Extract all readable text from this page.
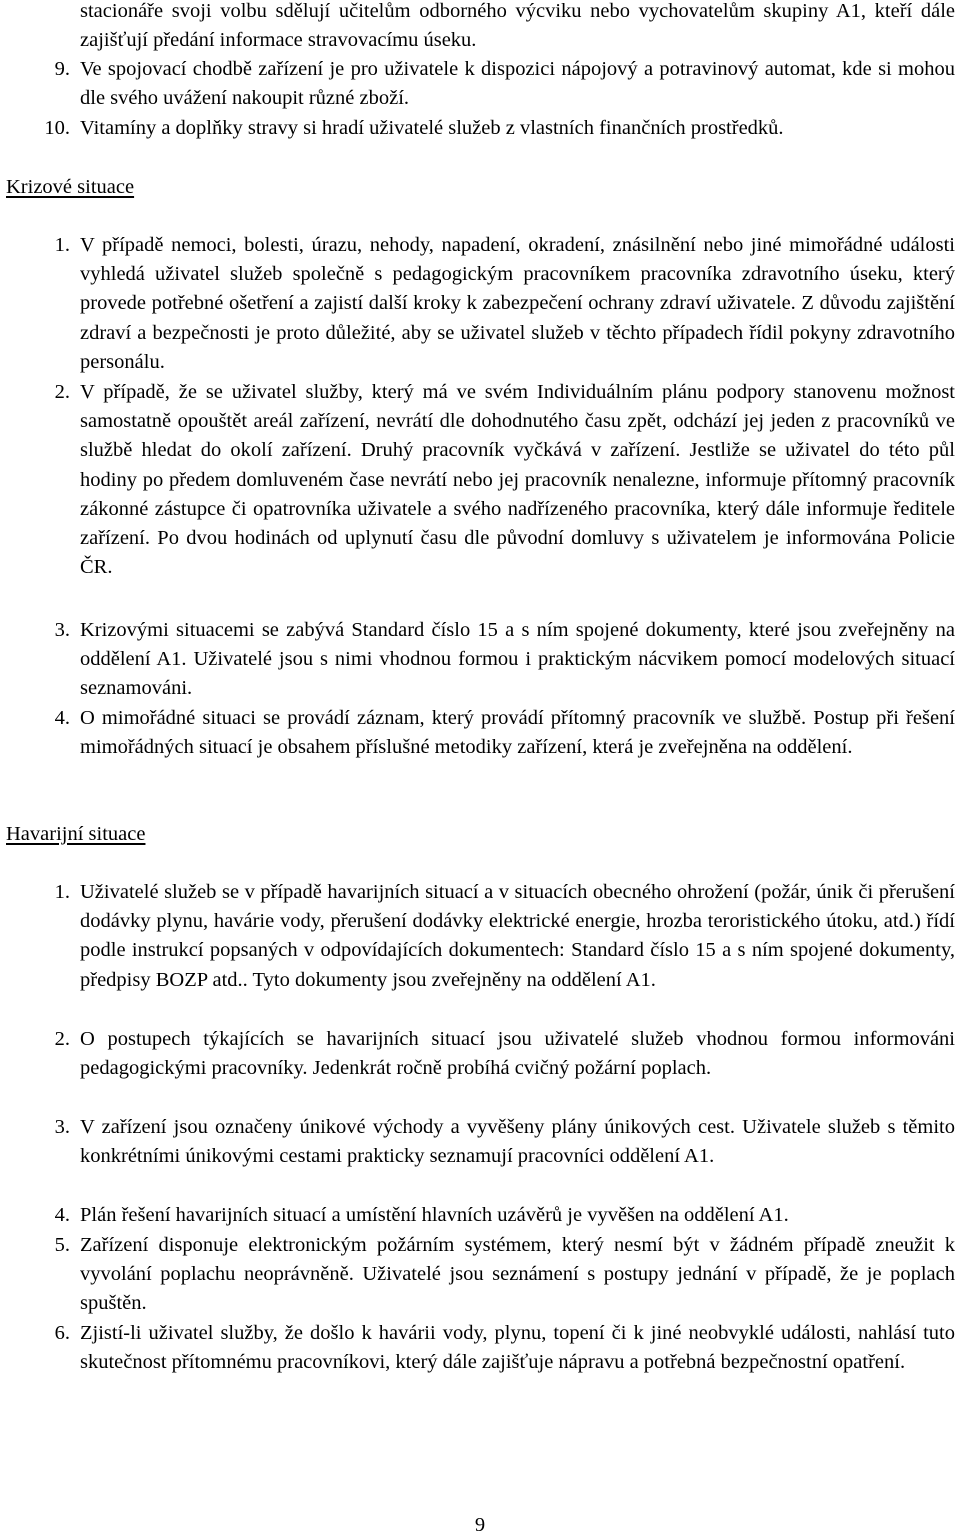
stacionáře svoji volbu sdělují učitelům odborného výcviku nebo vychovatelům skupiny A1, kteří dále zajišťují předání informace stravovacímu úseku.
9. Ve spojovací chodbě zařízení je pro uživatele k dispozici nápojový a potravinový automat, kde si mohou dle svého uvážení nakoupit různé zboží.
10. Vitamíny a doplňky stravy si hradí uživatelé služeb z vlastních finančních prostředků.
Krizové situace
1. V případě nemoci, bolesti, úrazu, nehody, napadení, okradení, znásilnění nebo jiné mimořádné události vyhledá uživatel služeb společně s pedagogickým pracovníkem pracovníka zdravotního úseku, který provede potřebné ošetření a zajistí další kroky k zabezpečení ochrany zdraví uživatele. Z důvodu zajištění zdraví a bezpečnosti je proto důležité, aby se uživatel služeb v těchto případech řídil pokyny zdravotního personálu.
2. V případě, že se uživatel služby, který má ve svém Individuálním plánu podpory stanovenu možnost samostatně opouštět areál zařízení, nevrátí dle dohodnutého času zpět, odchází jej jeden z pracovníků ve službě hledat do okolí zařízení. Druhý pracovník vyčkává v zařízení. Jestliže se uživatel do této půl hodiny po předem domluveném čase nevrátí nebo jej pracovník nenalezne, informuje přítomný pracovník zákonné zástupce či opatrovníka uživatele a svého nadřízeného pracovníka, který dále informuje ředitele zařízení. Po dvou hodinách od uplynutí času dle původní domluvy s uživatelem je informována Policie ČR.
3. Krizovými situacemi se zabývá Standard číslo 15 a s ním spojené dokumenty, které jsou zveřejněny na oddělení A1. Uživatelé jsou s nimi vhodnou formou i praktickým nácvikem pomocí modelových situací seznamováni.
4. O mimořádné situaci se provádí záznam, který provádí přítomný pracovník ve službě. Postup při řešení mimořádných situací je obsahem příslušné metodiky zařízení, která je zveřejněna na oddělení.
Havarijní situace
1. Uživatelé služeb se v případě havarijních situací a v situacích obecného ohrožení (požár, únik či přerušení dodávky plynu, havárie vody, přerušení dodávky elektrické energie, hrozba teroristického útoku, atd.) řídí podle instrukcí popsaných v odpovídajících dokumentech: Standard číslo 15 a s ním spojené dokumenty, předpisy BOZP atd.. Tyto dokumenty jsou zveřejněny na oddělení A1.
2. O postupech týkajících se havarijních situací jsou uživatelé služeb vhodnou formou informováni pedagogickými pracovníky. Jedenkrát ročně probíhá cvičný požární poplach.
3. V zařízení jsou označeny únikové východy a vyvěšeny plány únikových cest. Uživatele služeb s těmito konkrétními únikovými cestami prakticky seznamují pracovníci oddělení A1.
4. Plán řešení havarijních situací a umístění hlavních uzávěrů je vyvěšen na oddělení A1.
5. Zařízení disponuje elektronickým požárním systémem, který nesmí být v žádném případě zneužit k vyvolání poplachu neoprávněně. Uživatelé jsou seznámení s postupy jednání v případě, že je poplach spuštěn.
6. Zjistí-li uživatel služby, že došlo k havárii vody, plynu, topení či k jiné neobvyklé události, nahlásí tuto skutečnost přítomnému pracovníkovi, který dále zajišťuje nápravu a potřebná bezpečnostní opatření.
9
